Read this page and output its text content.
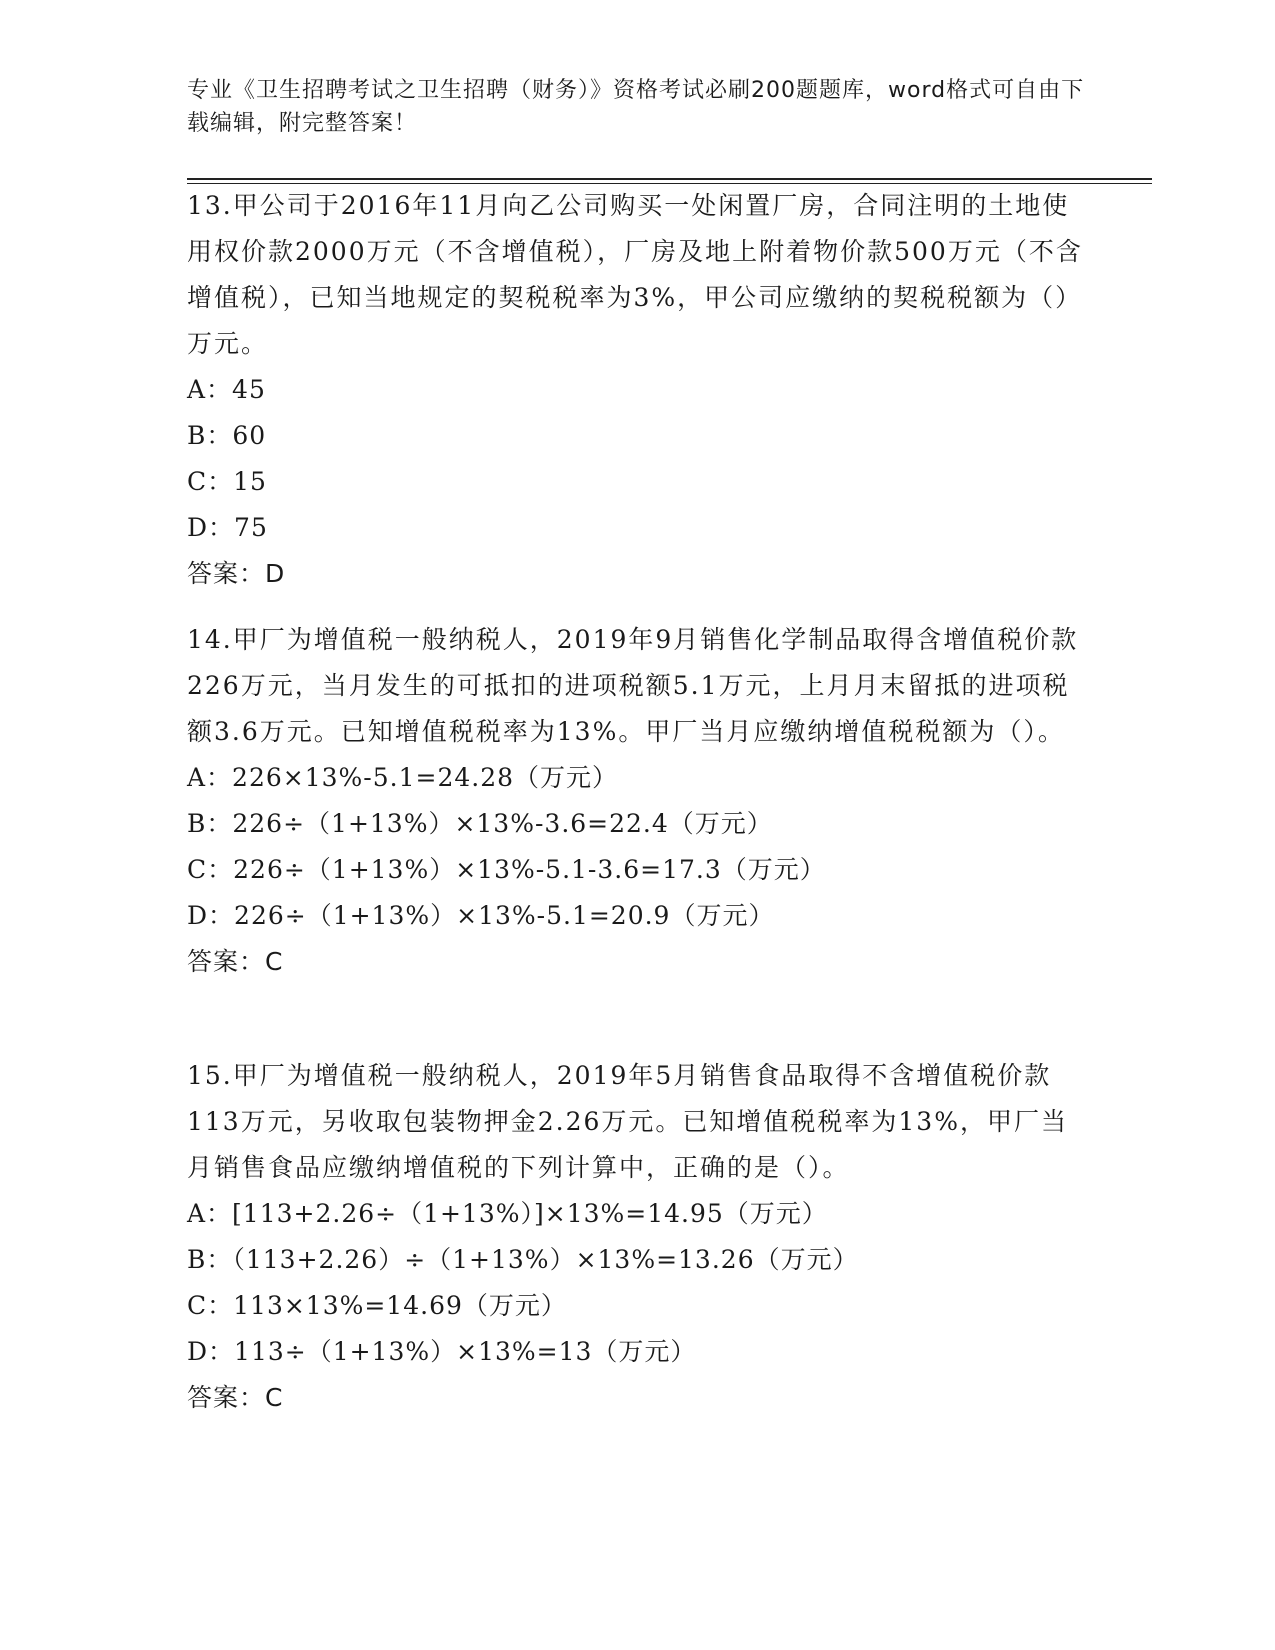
专业《卫生招聘考试之卫生招聘（财务）》资格考试必刷200题题库，word格式可自由下载编辑，附完整答案！

13.甲公司于2016年11月向乙公司购买一处闲置厂房，合同注明的土地使用权价款2000万元（不含增值税），厂房及地上附着物价款500万元（不含增值税），已知当地规定的契税税率为3%，甲公司应缴纳的契税税额为（）万元。

A：45

B：60

C：15

D：75

答案：D

14.甲厂为增值税一般纳税人，2019年9月销售化学制品取得含增值税价款226万元，当月发生的可抵扣的进项税额5.1万元，上月月末留抵的进项税额3.6万元。已知增值税税率为13%。甲厂当月应缴纳增值税税额为（）。

A：226×13%-5.1=24.28（万元）

B：226÷（1+13%）×13%-3.6=22.4（万元）

C：226÷（1+13%）×13%-5.1-3.6=17.3（万元）

D：226÷（1+13%）×13%-5.1=20.9（万元）

答案：C

15.甲厂为增值税一般纳税人，2019年5月销售食品取得不含增值税价款113万元，另收取包装物押金2.26万元。已知增值税税率为13%，甲厂当月销售食品应缴纳增值税的下列计算中，正确的是（）。

A：[113+2.26÷（1+13%）]×13%=14.95（万元）

B：（113+2.26）÷（1+13%）×13%=13.26（万元）

C：113×13%=14.69（万元）

D：113÷（1+13%）×13%=13（万元）

答案：C
